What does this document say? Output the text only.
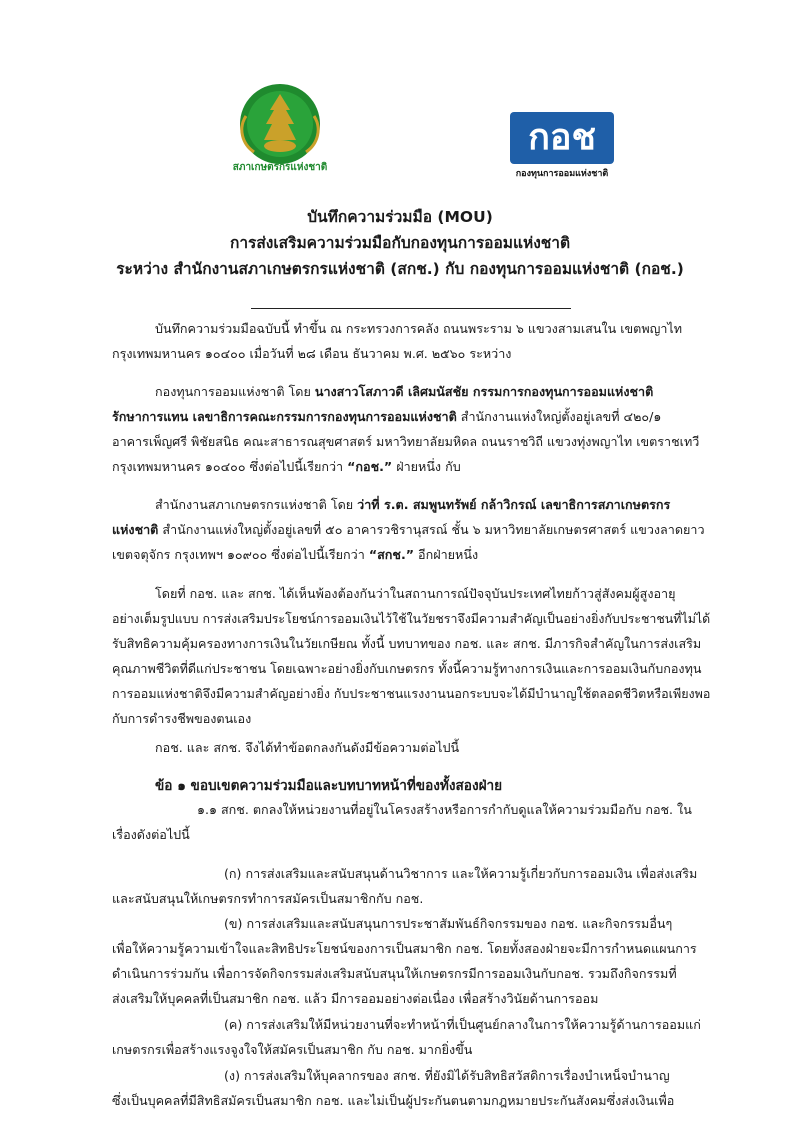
สภาเกษตรกรแห่งชาติ
กอช
กองทุนการออมแห่งชาติ
บันทึกความร่วมมือ (MOU)
การส่งเสริมความร่วมมือกับกองทุนการออมแห่งชาติ
ระหว่าง สำนักงานสภาเกษตรกรแห่งชาติ (สกช.) กับ กองทุนการออมแห่งชาติ (กอช.)
บันทึกความร่วมมือฉบับนี้ ทำขึ้น ณ กระทรวงการคลัง ถนนพระราม ๖ แขวงสามเสนใน เขตพญาไท
กรุงเทพมหานคร ๑๐๔๐๐ เมื่อวันที่ ๒๘ เดือน ธันวาคม พ.ศ. ๒๕๖๐ ระหว่าง
กองทุนการออมแห่งชาติ โดย นางสาวโสภาวดี เลิศมนัสชัย กรรมการกองทุนการออมแห่งชาติ
รักษาการแทน เลขาธิการคณะกรรมการกองทุนการออมแห่งชาติ สำนักงานแห่งใหญ่ตั้งอยู่เลขที่ ๔๒๐/๑
อาคารเพ็ญศรี พิชัยสนิธ คณะสาธารณสุขศาสตร์ มหาวิทยาลัยมหิดล ถนนราชวิถี แขวงทุ่งพญาไท เขตราชเทวี
กรุงเทพมหานคร ๑๐๔๐๐ ซึ่งต่อไปนี้เรียกว่า “กอช.” ฝ่ายหนึ่ง กับ
สำนักงานสภาเกษตรกรแห่งชาติ โดย ว่าที่ ร.ต. สมพูนทรัพย์ กล้าวิกรณ์ เลขาธิการสภาเกษตรกร
แห่งชาติ สำนักงานแห่งใหญ่ตั้งอยู่เลขที่ ๕๐ อาคารวชิรานุสรณ์ ชั้น ๖ มหาวิทยาลัยเกษตรศาสตร์ แขวงลาดยาว
เขตจตุจักร กรุงเทพฯ ๑๐๙๐๐ ซึ่งต่อไปนี้เรียกว่า “สกช.” อีกฝ่ายหนึ่ง
โดยที่ กอช. และ สกช. ได้เห็นพ้องต้องกันว่าในสถานการณ์ปัจจุบันประเทศไทยก้าวสู่สังคมผู้สูงอายุ
อย่างเต็มรูปแบบ การส่งเสริมประโยชน์การออมเงินไว้ใช้ในวัยชราจึงมีความสำคัญเป็นอย่างยิ่งกับประชาชนที่ไม่ได้
รับสิทธิความคุ้มครองทางการเงินในวัยเกษียณ ทั้งนี้ บทบาทของ กอช. และ สกช. มีภารกิจสำคัญในการส่งเสริม
คุณภาพชีวิตที่ดีแก่ประชาชน โดยเฉพาะอย่างยิ่งกับเกษตรกร ทั้งนี้ความรู้ทางการเงินและการออมเงินกับกองทุน
การออมแห่งชาติจึงมีความสำคัญอย่างยิ่ง กับประชาชนแรงงานนอกระบบจะได้มีบำนาญใช้ตลอดชีวิตหรือเพียงพอ
กับการดำรงชีพของตนเอง
กอช. และ สกช. จึงได้ทำข้อตกลงกันดังมีข้อความต่อไปนี้
ข้อ ๑ ขอบเขตความร่วมมือและบทบาทหน้าที่ของทั้งสองฝ่าย
๑.๑ สกช. ตกลงให้หน่วยงานที่อยู่ในโครงสร้างหรือการกำกับดูแลให้ความร่วมมือกับ กอช. ใน
เรื่องดังต่อไปนี้
(ก) การส่งเสริมและสนับสนุนด้านวิชาการ และให้ความรู้เกี่ยวกับการออมเงิน เพื่อส่งเสริม
และสนับสนุนให้เกษตรกรทำการสมัครเป็นสมาชิกกับ กอช.
(ข) การส่งเสริมและสนับสนุนการประชาสัมพันธ์กิจกรรมของ กอช. และกิจกรรมอื่นๆ
เพื่อให้ความรู้ความเข้าใจและสิทธิประโยชน์ของการเป็นสมาชิก กอช. โดยทั้งสองฝ่ายจะมีการกำหนดแผนการ
ดำเนินการร่วมกัน เพื่อการจัดกิจกรรมส่งเสริมสนับสนุนให้เกษตรกรมีการออมเงินกับกอช. รวมถึงกิจกรรมที่
ส่งเสริมให้บุคคลที่เป็นสมาชิก กอช. แล้ว มีการออมอย่างต่อเนื่อง เพื่อสร้างวินัยด้านการออม
(ค) การส่งเสริมให้มีหน่วยงานที่จะทำหน้าที่เป็นศูนย์กลางในการให้ความรู้ด้านการออมแก่
เกษตรกรเพื่อสร้างแรงจูงใจให้สมัครเป็นสมาชิก กับ กอช. มากยิ่งขึ้น
(ง) การส่งเสริมให้บุคลากรของ สกช. ที่ยังมิได้รับสิทธิสวัสดิการเรื่องบำเหน็จบำนาญ
ซึ่งเป็นบุคคลที่มีสิทธิสมัครเป็นสมาชิก กอช. และไม่เป็นผู้ประกันตนตามกฎหมายประกันสังคมซึ่งส่งเงินเพื่อ
